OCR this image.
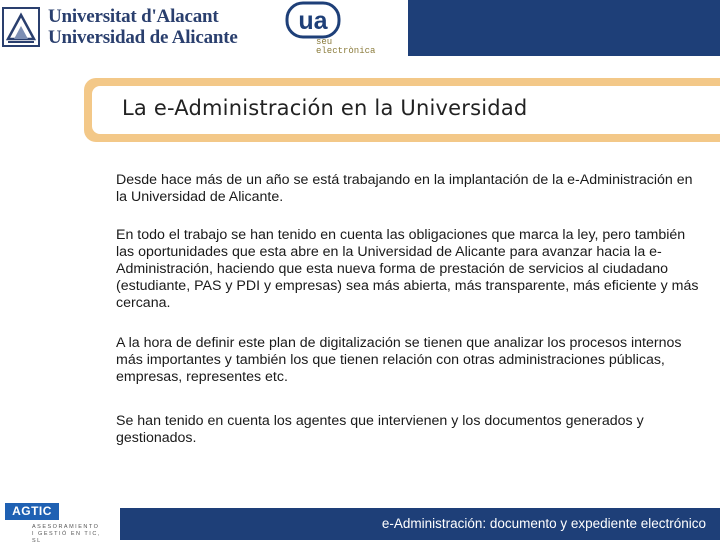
Universitat d'Alacant
Universidad de Alicante
ua
seu
electrònica
La e-Administración en la Universidad

Desde hace más de un año se está trabajando en la implantación de la e-Administración en la Universidad de Alicante.

En todo el trabajo se han tenido en cuenta las obligaciones que marca la ley, pero también las oportunidades que esta abre en la Universidad de Alicante para avanzar hacia la e-Administración, haciendo que esta nueva forma de prestación de servicios al ciudadano (estudiante, PAS y PDI y empresas) sea más abierta, más transparente, más eficiente y más cercana.

A la hora de definir este plan de digitalización se tienen que analizar los procesos internos más importantes y también los que tienen relación con otras administraciones públicas, empresas, representes etc.

Se han tenido en cuenta los agentes que intervienen y los documentos generados y gestionados.

AGTIC
ASESORAMIENTO
I GESTIÓ EN TIC, SL
e-Administración: documento y expediente electrónico
